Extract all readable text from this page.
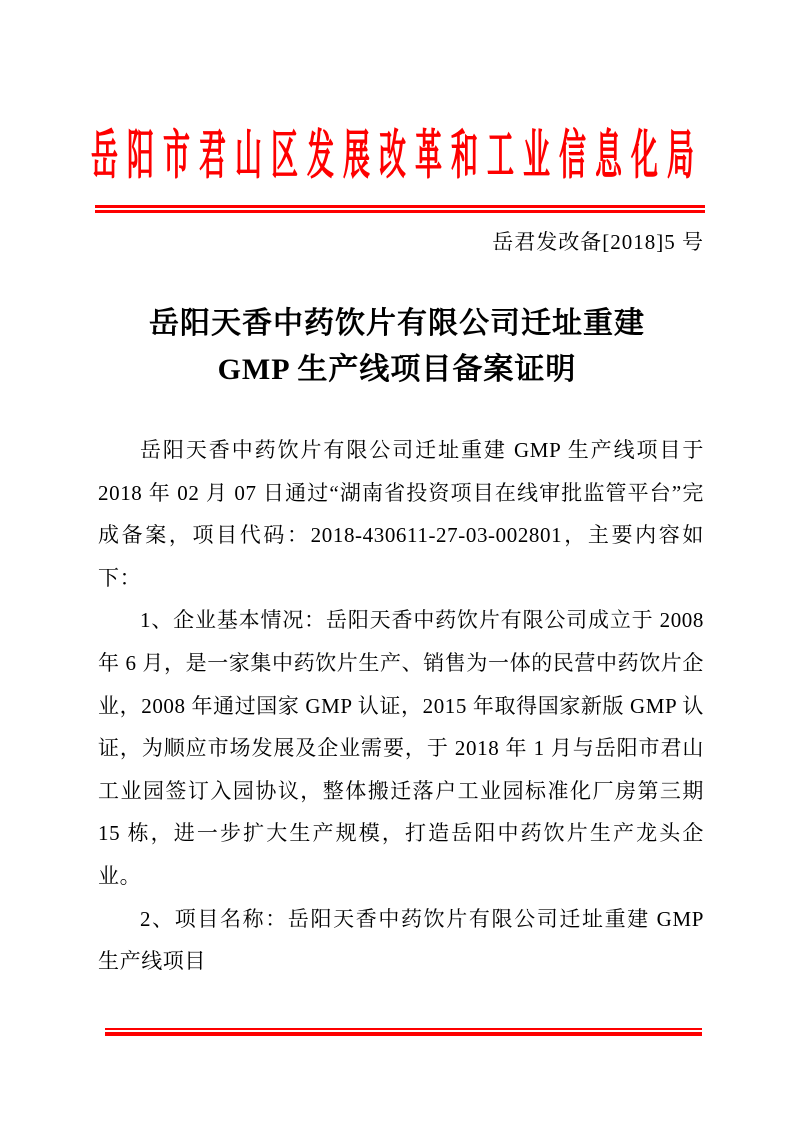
岳阳市君山区发展改革和工业信息化局
岳君发改备[2018]5 号
岳阳天香中药饮片有限公司迁址重建
GMP 生产线项目备案证明

岳阳天香中药饮片有限公司迁址重建 GMP 生产线项目于 2018 年 02 月 07 日通过“湖南省投资项目在线审批监管平台”完成备案，项目代码：2018-430611-27-03-002801，主要内容如下：

1、企业基本情况：岳阳天香中药饮片有限公司成立于 2008 年 6 月，是一家集中药饮片生产、销售为一体的民营中药饮片企业，2008 年通过国家 GMP 认证，2015 年取得国家新版 GMP 认证，为顺应市场发展及企业需要，于 2018 年 1 月与岳阳市君山工业园签订入园协议，整体搬迁落户工业园标准化厂房第三期 15 栋，进一步扩大生产规模，打造岳阳中药饮片生产龙头企业。

2、项目名称：岳阳天香中药饮片有限公司迁址重建 GMP 生产线项目
